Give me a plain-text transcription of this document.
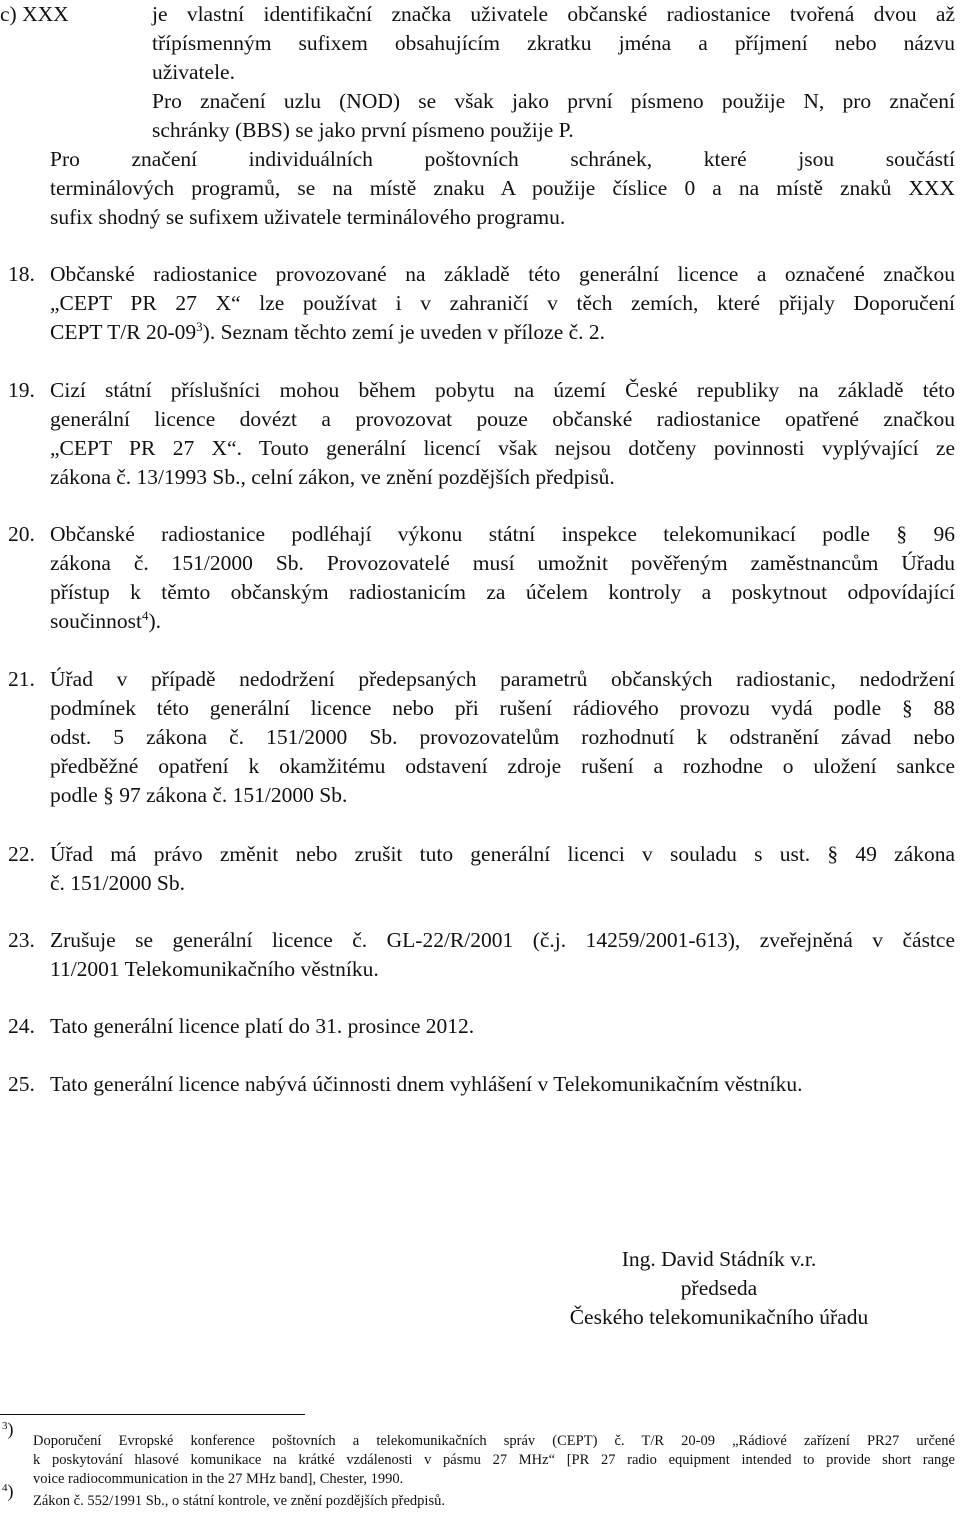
c) XXX	je vlastní identifikační značka uživatele občanské radiostanice tvořená dvou až
třípísmenným sufixem obsahujícím zkratku jména a příjmení nebo názvu
uživatele.
Pro značení uzlu (NOD) se však jako první písmeno použije N, pro značení
schránky (BBS) se jako první písmeno použije P.
Pro značení individuálních poštovních schránek, které jsou součástí
terminálových programů, se na místě znaku A použije číslice 0 a na místě znaků XXX
sufix shodný se sufixem uživatele terminálového programu.
18. Občanské radiostanice provozované na základě této generální licence a označené značkou
„CEPT PR 27 X“ lze používat i v zahraničí v těch zemích, které přijaly Doporučení
CEPT T/R $20-09^3$). Seznam těchto zemí je uveden v příloze č. 2.
19. Cizí státní příslušníci mohou během pobytu na území České republiky na základě této
generální licence dovézt a provozovat pouze občanské radiostanice opatřené značkou
„CEPT PR 27 X“. Touto generální licencí však nejsou dotčeny povinnosti vyplývající ze
zákona č. 13/1993 Sb., celní zákon, ve znění pozdějších předpisů.
20. Občanské radiostanice podléhají výkonu státní inspekce telekomunikací podle § 96
zákona č. 151/2000 Sb. Provozovatelé musí umožnit pověřeným zaměstnancům Úřadu
přístup k těmto občanským radiostanicím za účelem kontroly a poskytnout odpovídající
součinnost$^4$).
21. Úřad v případě nedodržení předepsaných parametrů občanských radiostanic, nedodržení
podmínek této generální licence nebo při rušení rádiového provozu vydá podle § 88
odst. 5 zákona č. 151/2000 Sb. provozovatelům rozhodnutí k odstranění závad nebo
předběžné opatření k okamžitému odstavení zdroje rušení a rozhodne o uložení sankce
podle § 97 zákona č. 151/2000 Sb.
22. Úřad má právo změnit nebo zrušit tuto generální licenci v souladu s ust. § 49 zákona
č. 151/2000 Sb.
23. Zrušuje se generální licence č. GL-22/R/2001 (č.j. 14259/2001-613), zveřejněná v částce
11/2001 Telekomunikačního věstníku.
24. Tato generální licence platí do 31. prosince 2012.
25. Tato generální licence nabývá účinnosti dnem vyhlášení v Telekomunikačním věstníku.
Ing. David Stádník v.r.
předseda
Českého telekomunikačního úřadu
$^3$)
Doporučení Evropské konference poštovních a telekomunikačních správ (CEPT) č. T/R 20-09 „Rádiové zařízení PR27 určené
k poskytování hlasové komunikace na krátké vzdálenosti v pásmu 27 MHz“ [PR 27 radio equipment intended to provide short range
voice radiocommunication in the 27 MHz band], Chester, 1990.
$^4$) Zákon č. 552/1991 Sb., o státní kontrole, ve znění pozdějších předpisů.
